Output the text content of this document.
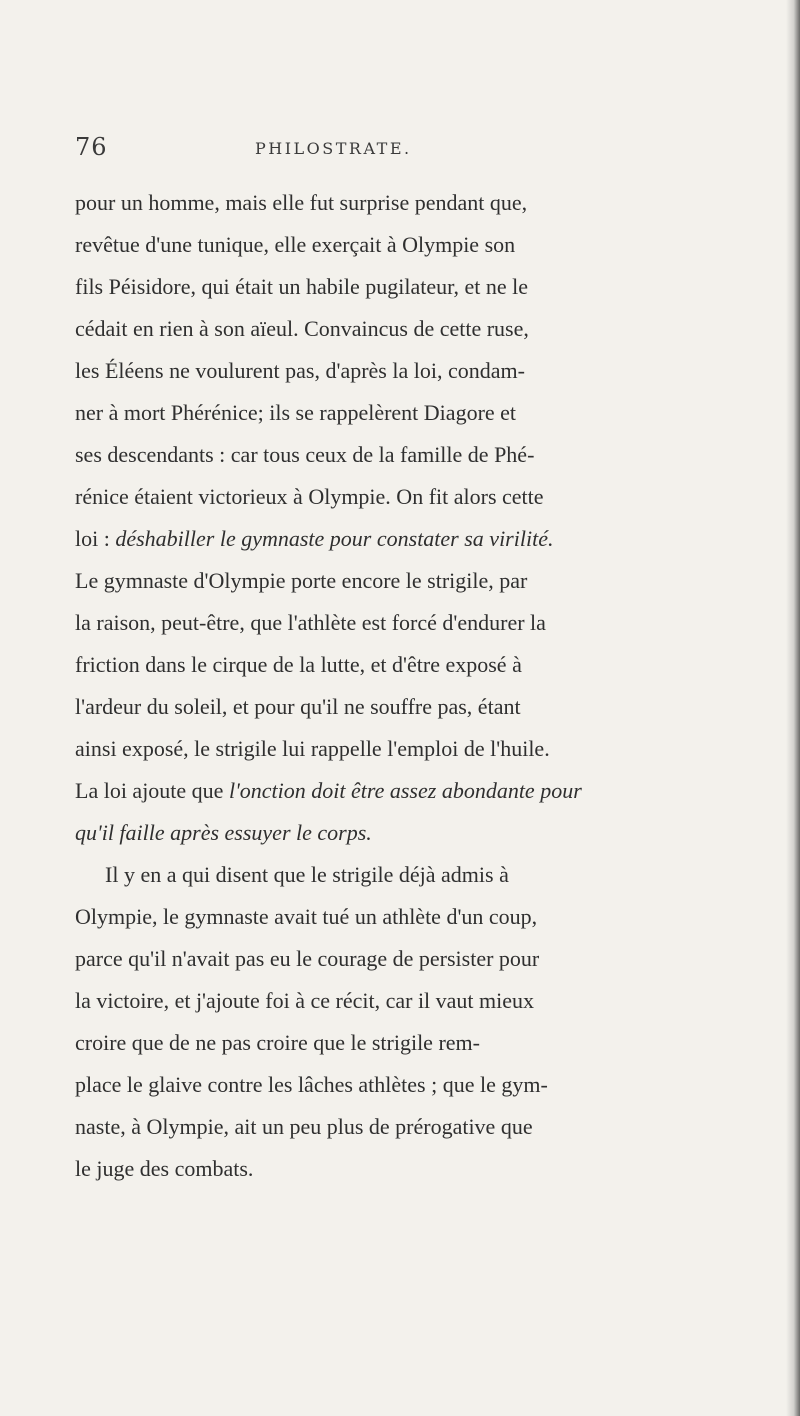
76	PHILOSTRATE.
pour un homme, mais elle fut surprise pendant que,
revêtue d'une tunique, elle exerçait à Olympie son
fils Péisidore, qui était un habile pugilateur, et ne le
cédait en rien à son aïeul. Convaincus de cette ruse,
les Éléens ne voulurent pas, d'après la loi, condam-
ner à mort Phérénice; ils se rappelèrent Diagore et
ses descendants : car tous ceux de la famille de Phé-
rénice étaient victorieux à Olympie. On fit alors cette
loi : déshabiller le gymnaste pour constater sa virilité.
Le gymnaste d'Olympie porte encore le strigile, par
la raison, peut-être, que l'athlète est forcé d'endurer la
friction dans le cirque de la lutte, et d'être exposé à
l'ardeur du soleil, et pour qu'il ne souffre pas, étant
ainsi exposé, le strigile lui rappelle l'emploi de l'huile.
La loi ajoute que l'onction doit être assez abondante pour
qu'il faille après essuyer le corps.
Il y en a qui disent que le strigile déjà admis à
Olympie, le gymnaste avait tué un athlète d'un coup,
parce qu'il n'avait pas eu le courage de persister pour
la victoire, et j'ajoute foi à ce récit, car il vaut mieux
croire que de ne pas croire que le strigile rem-
place le glaive contre les lâches athlètes ; que le gym-
naste, à Olympie, ait un peu plus de prérogative que
le juge des combats.
